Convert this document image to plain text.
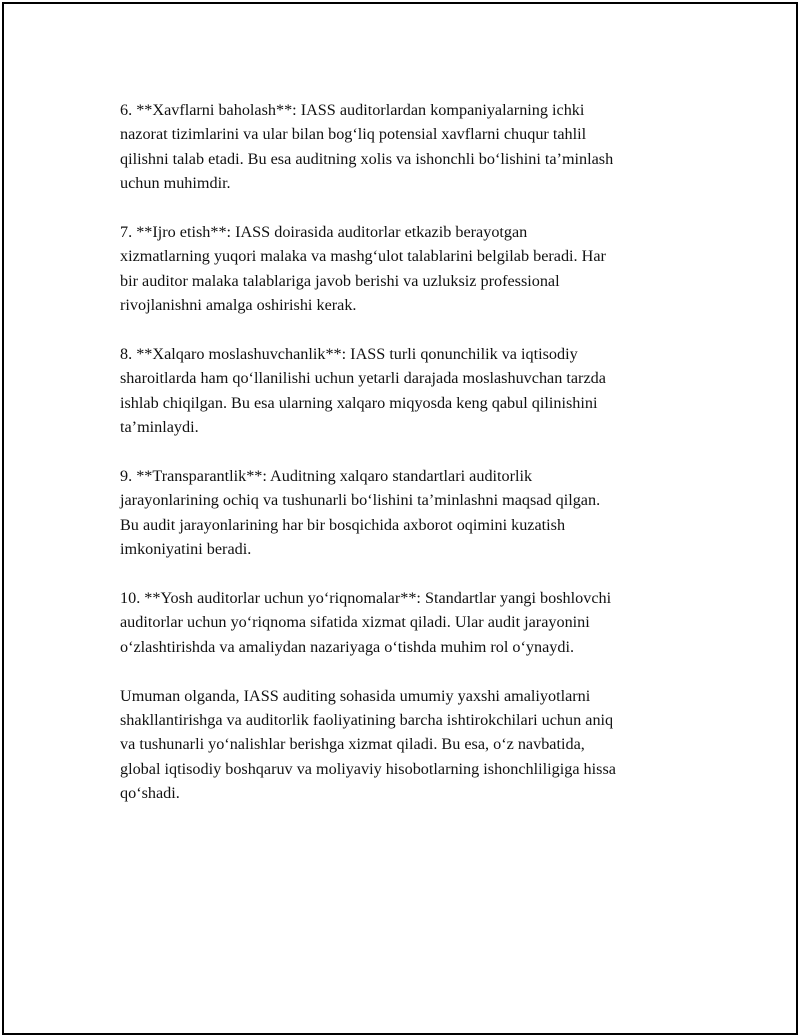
6. **Xavflarni baholash**: IASS auditorlardan kompaniyalarning ichki
nazorat tizimlarini va ular bilan bog‘liq potensial xavflarni chuqur tahlil
qilishni talab etadi. Bu esa auditning xolis va ishonchli bo‘lishini ta’minlash
uchun muhimdir.

7. **Ijro etish**: IASS doirasida auditorlar etkazib berayotgan
xizmatlarning yuqori malaka va mashg‘ulot talablarini belgilab beradi. Har
bir auditor malaka talablariga javob berishi va uzluksiz professional
rivojlanishni amalga oshirishi kerak.

8. **Xalqaro moslashuvchanlik**: IASS turli qonunchilik va iqtisodiy
sharoitlarda ham qo‘llanilishi uchun yetarli darajada moslashuvchan tarzda
ishlab chiqilgan. Bu esa ularning xalqaro miqyosda keng qabul qilinishini
ta’minlaydi.

9. **Transparantlik**: Auditning xalqaro standartlari auditorlik
jarayonlarining ochiq va tushunarli bo‘lishini ta’minlashni maqsad qilgan.
Bu audit jarayonlarining har bir bosqichida axborot oqimini kuzatish
imkoniyatini beradi.

10. **Yosh auditorlar uchun yo‘riqnomalar**: Standartlar yangi boshlovchi
auditorlar uchun yo‘riqnoma sifatida xizmat qiladi. Ular audit jarayonini
o‘zlashtirishda va amaliydan nazariyaga o‘tishda muhim rol o‘ynaydi.

Umuman olganda, IASS auditing sohasida umumiy yaxshi amaliyotlarni
shakllantirishga va auditorlik faoliyatining barcha ishtirokchilari uchun aniq
va tushunarli yo‘nalishlar berishga xizmat qiladi. Bu esa, o‘z navbatida,
global iqtisodiy boshqaruv va moliyaviy hisobotlarning ishonchliligiga hissa
qo‘shadi.
